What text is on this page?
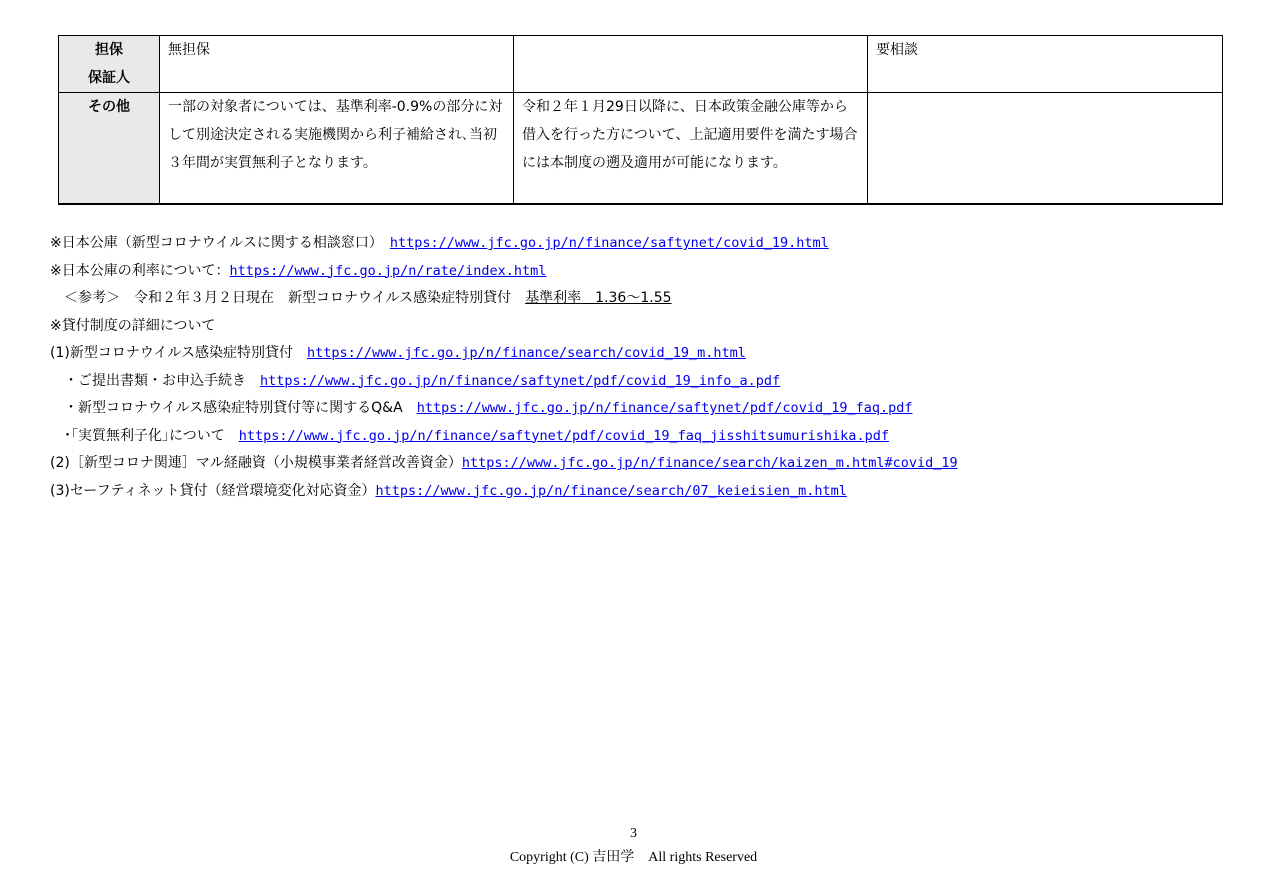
担保
保証人	無担保		要相談
その他	一部の対象者については、基準利率-0.9%の部分に対して別途決定される実施機関から利子補給され､当初３年間が実質無利子となります。	令和２年１月29日以降に、日本政策金融公庫等から借入を行った方について、上記適用要件を満たす場合には本制度の遡及適用が可能になります。	
※日本公庫（新型コロナウイルスに関する相談窓口）　https://www.jfc.go.jp/n/finance/saftynet/covid_19.html
※日本公庫の利率について：https://www.jfc.go.jp/n/rate/index.html
　＜参考＞　令和２年３月２日現在　新型コロナウイルス感染症特別貸付　基準利率　1.36～1.55
※貸付制度の詳細について
(1)新型コロナウイルス感染症特別貸付　https://www.jfc.go.jp/n/finance/search/covid_19_m.html
　・ご提出書類・お申込手続き　https://www.jfc.go.jp/n/finance/saftynet/pdf/covid_19_info_a.pdf
　・新型コロナウイルス感染症特別貸付等に関するQ&A　https://www.jfc.go.jp/n/finance/saftynet/pdf/covid_19_faq.pdf
　･｢実質無利子化｣について　https://www.jfc.go.jp/n/finance/saftynet/pdf/covid_19_faq_jisshitsumurishika.pdf
(2)［新型コロナ関連］マル経融資（小規模事業者経営改善資金）https://www.jfc.go.jp/n/finance/search/kaizen_m.html#covid_19
(3)セーフティネット貸付（経営環境変化対応資金）https://www.jfc.go.jp/n/finance/search/07_keieisien_m.html
3
Copyright (C) 吉田学　All rights Reserved
